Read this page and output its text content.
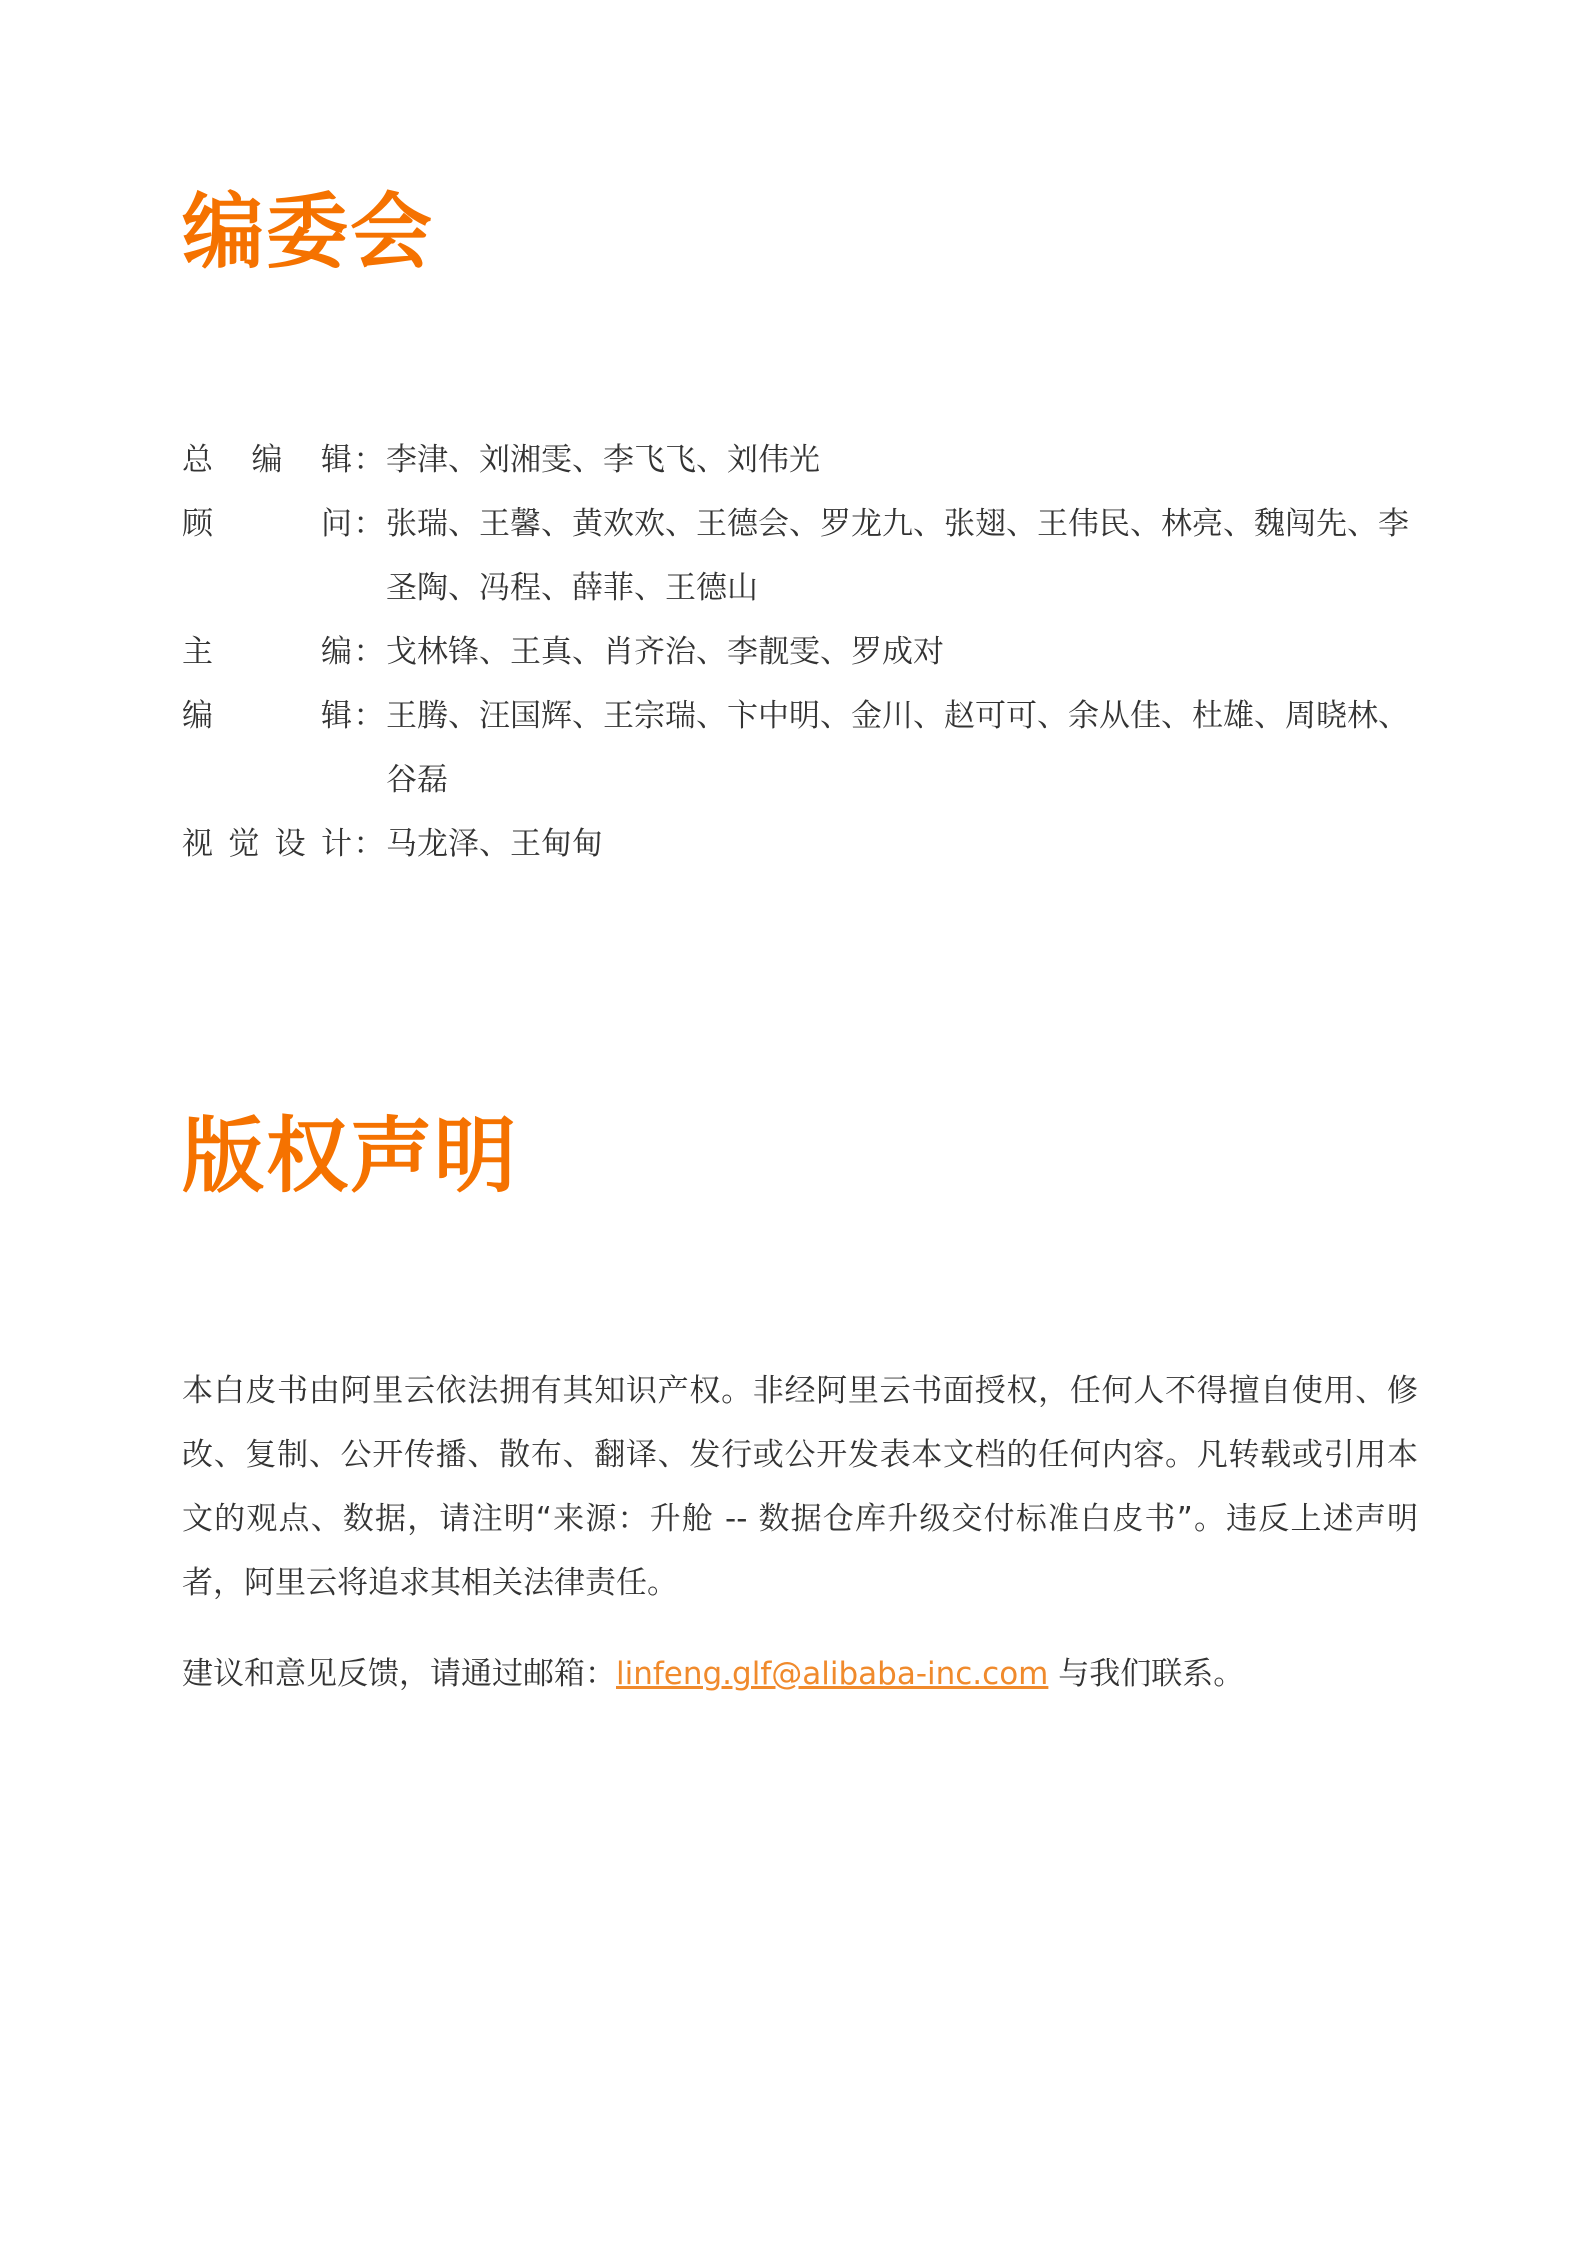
编委会
总 编 辑 ： 李津、刘湘雯、李飞飞、刘伟光
顾	问 ： 张瑞、王馨、黄欢欢、王德会、罗龙九、张翅、王伟民、林亮、魏闯先、李圣陶、冯程、薛菲、王德山
主	编 ： 戈林锋、王真、肖齐治、李靓雯、罗成对
编	辑 ： 王腾、汪国辉、王宗瑞、卞中明、金川、赵可可、余从佳、杜雄、周晓林、谷磊
视 觉 设 计 ： 马龙泽、王甸甸
版权声明

本白皮书由阿里云依法拥有其知识产权。非经阿里云书面授权，任何人不得擅自使用、修改、复制、公开传播、散布、翻译、发行或公开发表本文档的任何内容。凡转载或引用本文的观点、数据，请注明“来源：升舱 -- 数据仓库升级交付标准白皮书”。违反上述声明者，阿里云将追求其相关法律责任。

建议和意见反馈，请通过邮箱：linfeng.glf@alibaba-inc.com 与我们联系。
